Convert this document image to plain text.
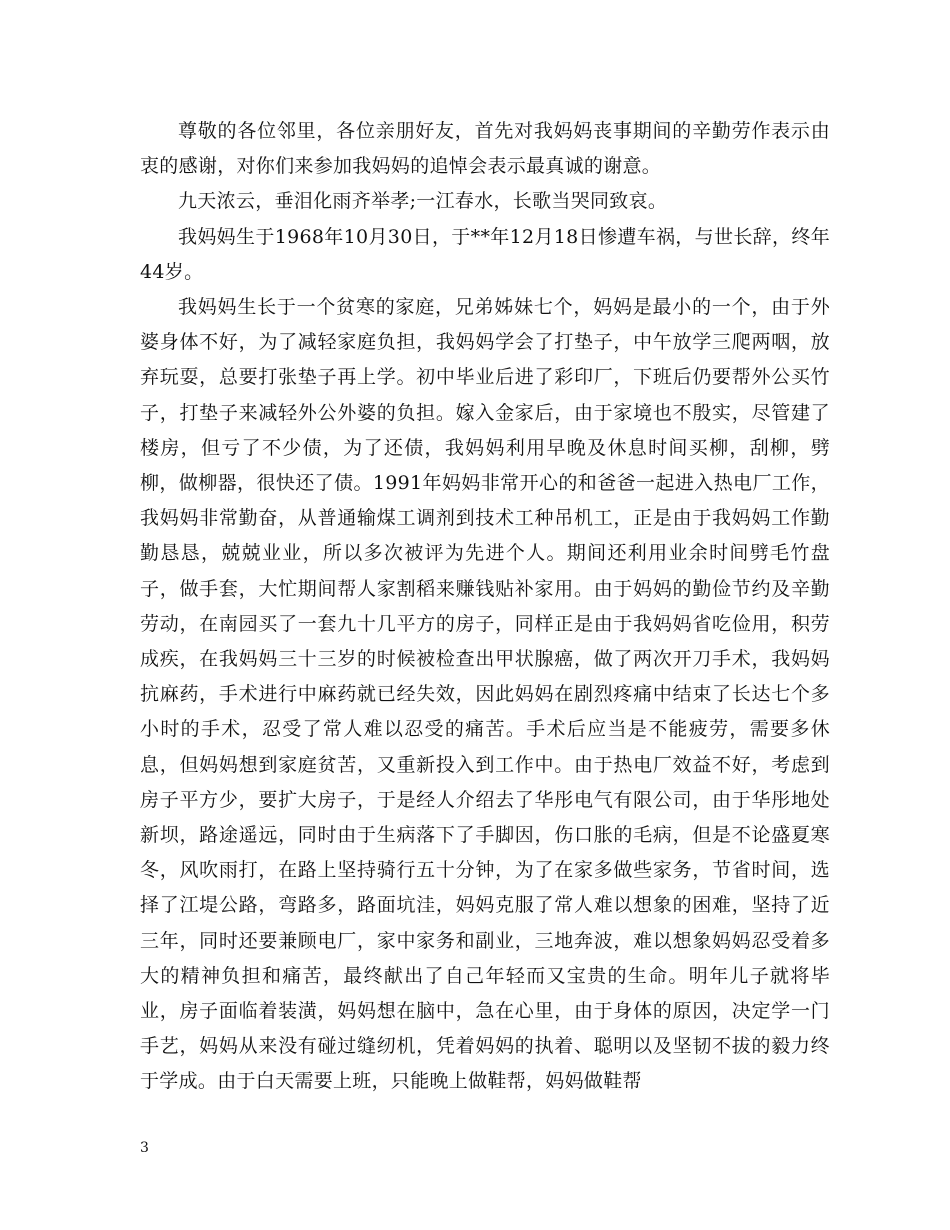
尊敬的各位邻里，各位亲朋好友，首先对我妈妈丧事期间的辛勤劳作表示由衷的感谢，对你们来参加我妈妈的追悼会表示最真诚的谢意。

九天浓云，垂泪化雨齐举孝;一江春水，长歌当哭同致哀。

我妈妈生于1968年10月30日，于**年12月18日惨遭车祸，与世长辞，终年44岁。

我妈妈生长于一个贫寒的家庭，兄弟姊妹七个，妈妈是最小的一个，由于外婆身体不好，为了减轻家庭负担，我妈妈学会了打垫子，中午放学三爬两咽，放弃玩耍，总要打张垫子再上学。初中毕业后进了彩印厂，下班后仍要帮外公买竹子，打垫子来减轻外公外婆的负担。嫁入金家后，由于家境也不殷实，尽管建了楼房，但亏了不少债，为了还债，我妈妈利用早晚及休息时间买柳，刮柳，劈柳，做柳器，很快还了债。1991年妈妈非常开心的和爸爸一起进入热电厂工作，我妈妈非常勤奋，从普通输煤工调剂到技术工种吊机工，正是由于我妈妈工作勤勤恳恳，兢兢业业，所以多次被评为先进个人。期间还利用业余时间劈毛竹盘子，做手套，大忙期间帮人家割稻来赚钱贴补家用。由于妈妈的勤俭节约及辛勤劳动，在南园买了一套九十几平方的房子，同样正是由于我妈妈省吃俭用，积劳成疾，在我妈妈三十三岁的时候被检查出甲状腺癌，做了两次开刀手术，我妈妈抗麻药，手术进行中麻药就已经失效，因此妈妈在剧烈疼痛中结束了长达七个多小时的手术，忍受了常人难以忍受的痛苦。手术后应当是不能疲劳，需要多休息，但妈妈想到家庭贫苦，又重新投入到工作中。由于热电厂效益不好，考虑到房子平方少，要扩大房子，于是经人介绍去了华彤电气有限公司，由于华彤地处新坝，路途遥远，同时由于生病落下了手脚因，伤口胀的毛病，但是不论盛夏寒冬，风吹雨打，在路上坚持骑行五十分钟，为了在家多做些家务，节省时间，选择了江堤公路，弯路多，路面坑洼，妈妈克服了常人难以想象的困难，坚持了近三年，同时还要兼顾电厂，家中家务和副业，三地奔波，难以想象妈妈忍受着多大的精神负担和痛苦，最终献出了自己年轻而又宝贵的生命。明年儿子就将毕业，房子面临着装潢，妈妈想在脑中，急在心里，由于身体的原因，决定学一门手艺，妈妈从来没有碰过缝纫机，凭着妈妈的执着、聪明以及坚韧不拔的毅力终于学成。由于白天需要上班，只能晚上做鞋帮，妈妈做鞋帮

3
